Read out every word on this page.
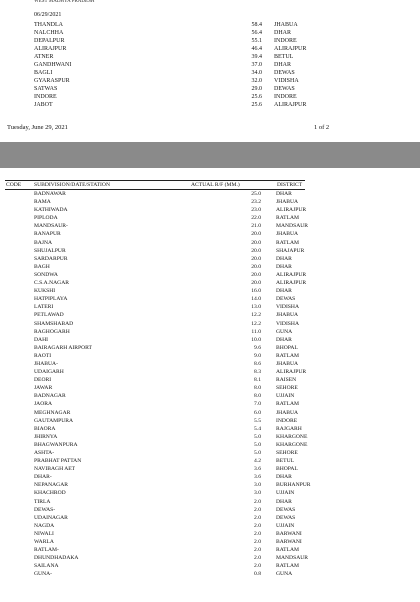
WEST MADHYA PRADESH
06/29/2021
THANDLA	58.4 JHABUA
NALCHHA	56.4 DHAR
DEPALPUR	55.1 INDORE
ALIRAJPUR	46.4 ALIRAJPUR
ATNER	39.4 BETUL
GANDHWANI	37.0 DHAR
BAGLI	34.0 DEWAS
GYARASPUR	32.0 VIDISHA
SATWAS	29.0 DEWAS
INDORE	25.6 INDORE
JABOT	25.6 ALIRAJPUR
Tuesday, June 29, 2021	1 of 2
CODE SUBDIVISION/DATE/STATION	ACTUAL R/F (MM.)	DISTRICT
BADNAWAR	25.0	DHAR
RAMA	23.2	JHABUA
KATHIWADA	23.0	ALIRAJPUR
PIPLODA	22.0	RATLAM
MANDSAUR-	21.0	MANDSAUR
RANAPUR	20.0	JHABUA
BAJNA	20.0	RATLAM
SHUJALPUR	20.0	SHAJAPUR
SARDARPUR	20.0	DHAR
BAGH	20.0	DHAR
SONDWA	20.0	ALIRAJPUR
C.S.A.NAGAR	20.0	ALIRAJPUR
KUKSHI	16.0	DHAR
HATPIPLAYA	14.0	DEWAS
LATERI	13.0	VIDISHA
PETLAWAD	12.2	JHABUA
SHAMSHABAD	12.2	VIDISHA
RAGHOGARH	11.0	GUNA
DAHI	10.0	DHAR
BAIRAGARH AIRPORT	9.6	BHOPAL
RAOTI	9.0	RATLAM
JHABUA-	8.6	JHABUA
UDAIGARH	8.3	ALIRAJPUR
DEORI	8.1	RAISEN
JAWAR	8.0	SEHORE
BADNAGAR	8.0	UJJAIN
JAORA	7.0	RATLAM
MEGHNAGAR	6.0	JHABUA
GAUTAMPURA	5.5	INDORE
BIAORA	5.4	RAJGARH
JHIRNYA	5.0	KHARGONE
BHAGWANPURA	5.0	KHARGONE
ASHTA-	5.0	SEHORE
PRABHAT PATTAN	4.2	BETUL
NAVIBAGH AET	3.6	BHOPAL
DHAR-	3.6	DHAR
NEPANAGAR	3.0	BURHANPUR
KHACHROD	3.0	UJJAIN
TIRLA	2.0	DHAR
DEWAS-	2.0	DEWAS
UDAINAGAR	2.0	DEWAS
NAGDA	2.0	UJJAIN
NIWALI	2.0	BARWANI
WARLA	2.0	BARWANI
RATLAM-	2.0	RATLAM
DHUNDHADAKA	2.0	MANDSAUR
SAILANA	2.0	RATLAM
GUNA-	0.8	GUNA
